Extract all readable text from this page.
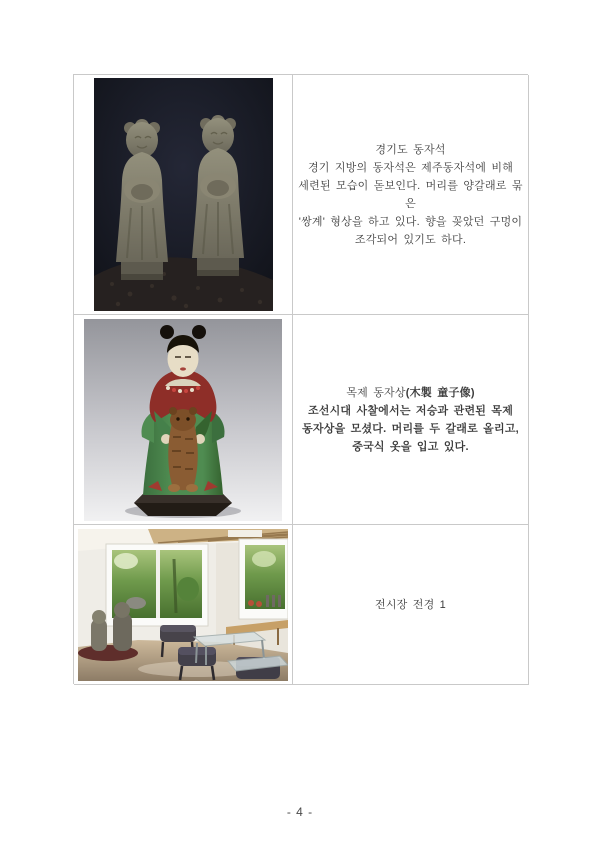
경기도 동자석

경기 지방의 동자석은 제주동자석에 비해

세련된 모습이 돋보인다. 머리를 양갈래로 묶은

'쌍계' 형상을 하고 있다. 향을 꽂았던 구멍이

조각되어 있기도 하다.

목제 동자상(木製 童子像)

조선시대 사찰에서는 저승과 관련된 목제

동자상을 모셨다. 머리를 두 갈래로 올리고,

중국식 옷을 입고 있다.

전시장 전경 1

- 4 -
